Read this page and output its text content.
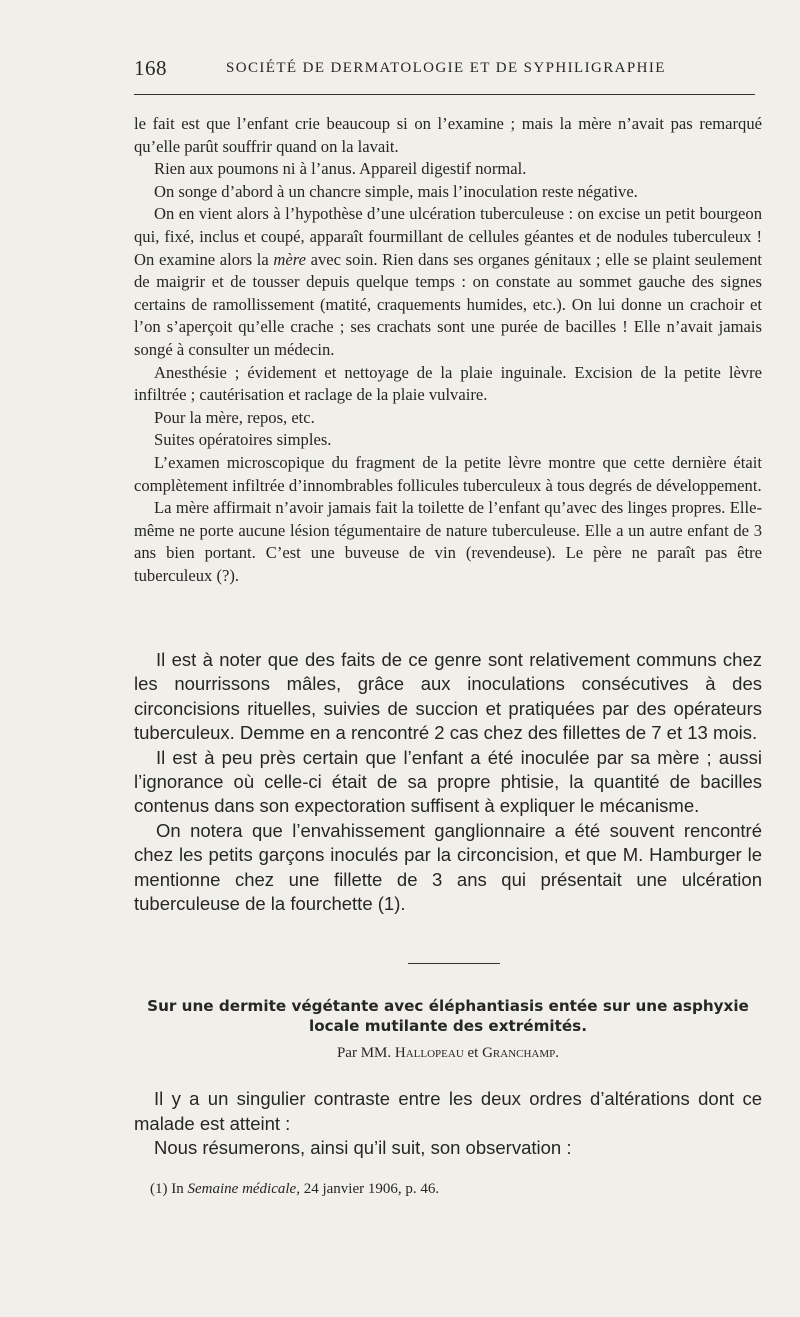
168	SOCIÉTÉ DE DERMATOLOGIE ET DE SYPHILIGRAPHIE

le fait est que l’enfant crie beaucoup si on l’examine ; mais la mère n’avait pas remarqué qu’elle parût souffrir quand on la lavait.

Rien aux poumons ni à l’anus. Appareil digestif normal.

On songe d’abord à un chancre simple, mais l’inoculation reste négative.

On en vient alors à l’hypothèse d’une ulcération tuberculeuse : on excise un petit bourgeon qui, fixé, inclus et coupé, apparaît fourmillant de cellules géantes et de nodules tuberculeux ! On examine alors la mère avec soin. Rien dans ses organes génitaux ; elle se plaint seulement de maigrir et de tousser depuis quelque temps : on constate au sommet gauche des signes certains de ramollissement (matité, craquements humides, etc.). On lui donne un crachoir et l’on s’aperçoit qu’elle crache ; ses crachats sont une purée de bacilles ! Elle n’avait jamais songé à consulter un médecin.

Anesthésie ; évidement et nettoyage de la plaie inguinale. Excision de la petite lèvre infiltrée ; cautérisation et raclage de la plaie vulvaire.

Pour la mère, repos, etc.

Suites opératoires simples.

L’examen microscopique du fragment de la petite lèvre montre que cette dernière était complètement infiltrée d’innombrables follicules tuberculeux à tous degrés de développement.

La mère affirmait n’avoir jamais fait la toilette de l’enfant qu’avec des linges propres. Elle-même ne porte aucune lésion tégumentaire de nature tuberculeuse. Elle a un autre enfant de 3 ans bien portant. C’est une buveuse de vin (revendeuse). Le père ne paraît pas être tuberculeux (?).

Il est à noter que des faits de ce genre sont relativement communs chez les nourrissons mâles, grâce aux inoculations consécutives à des circoncisions rituelles, suivies de succion et pratiquées par des opérateurs tuberculeux. Demme en a rencontré 2 cas chez des fillettes de 7 et 13 mois.

Il est à peu près certain que l’enfant a été inoculée par sa mère ; aussi l’ignorance où celle-ci était de sa propre phtisie, la quantité de bacilles contenus dans son expectoration suffisent à expliquer le mécanisme.

On notera que l’envahissement ganglionnaire a été souvent rencontré chez les petits garçons inoculés par la circoncision, et que M. Hamburger le mentionne chez une fillette de 3 ans qui présentait une ulcération tuberculeuse de la fourchette (1).

Sur une dermite végétante avec éléphantiasis entée sur une asphyxie locale mutilante des extrémités.
Par MM. Hallopeau et Granchamp.

Il y a un singulier contraste entre les deux ordres d’altérations dont ce malade est atteint :

Nous résumerons, ainsi qu’il suit, son observation :

(1) In Semaine médicale, 24 janvier 1906, p. 46.
